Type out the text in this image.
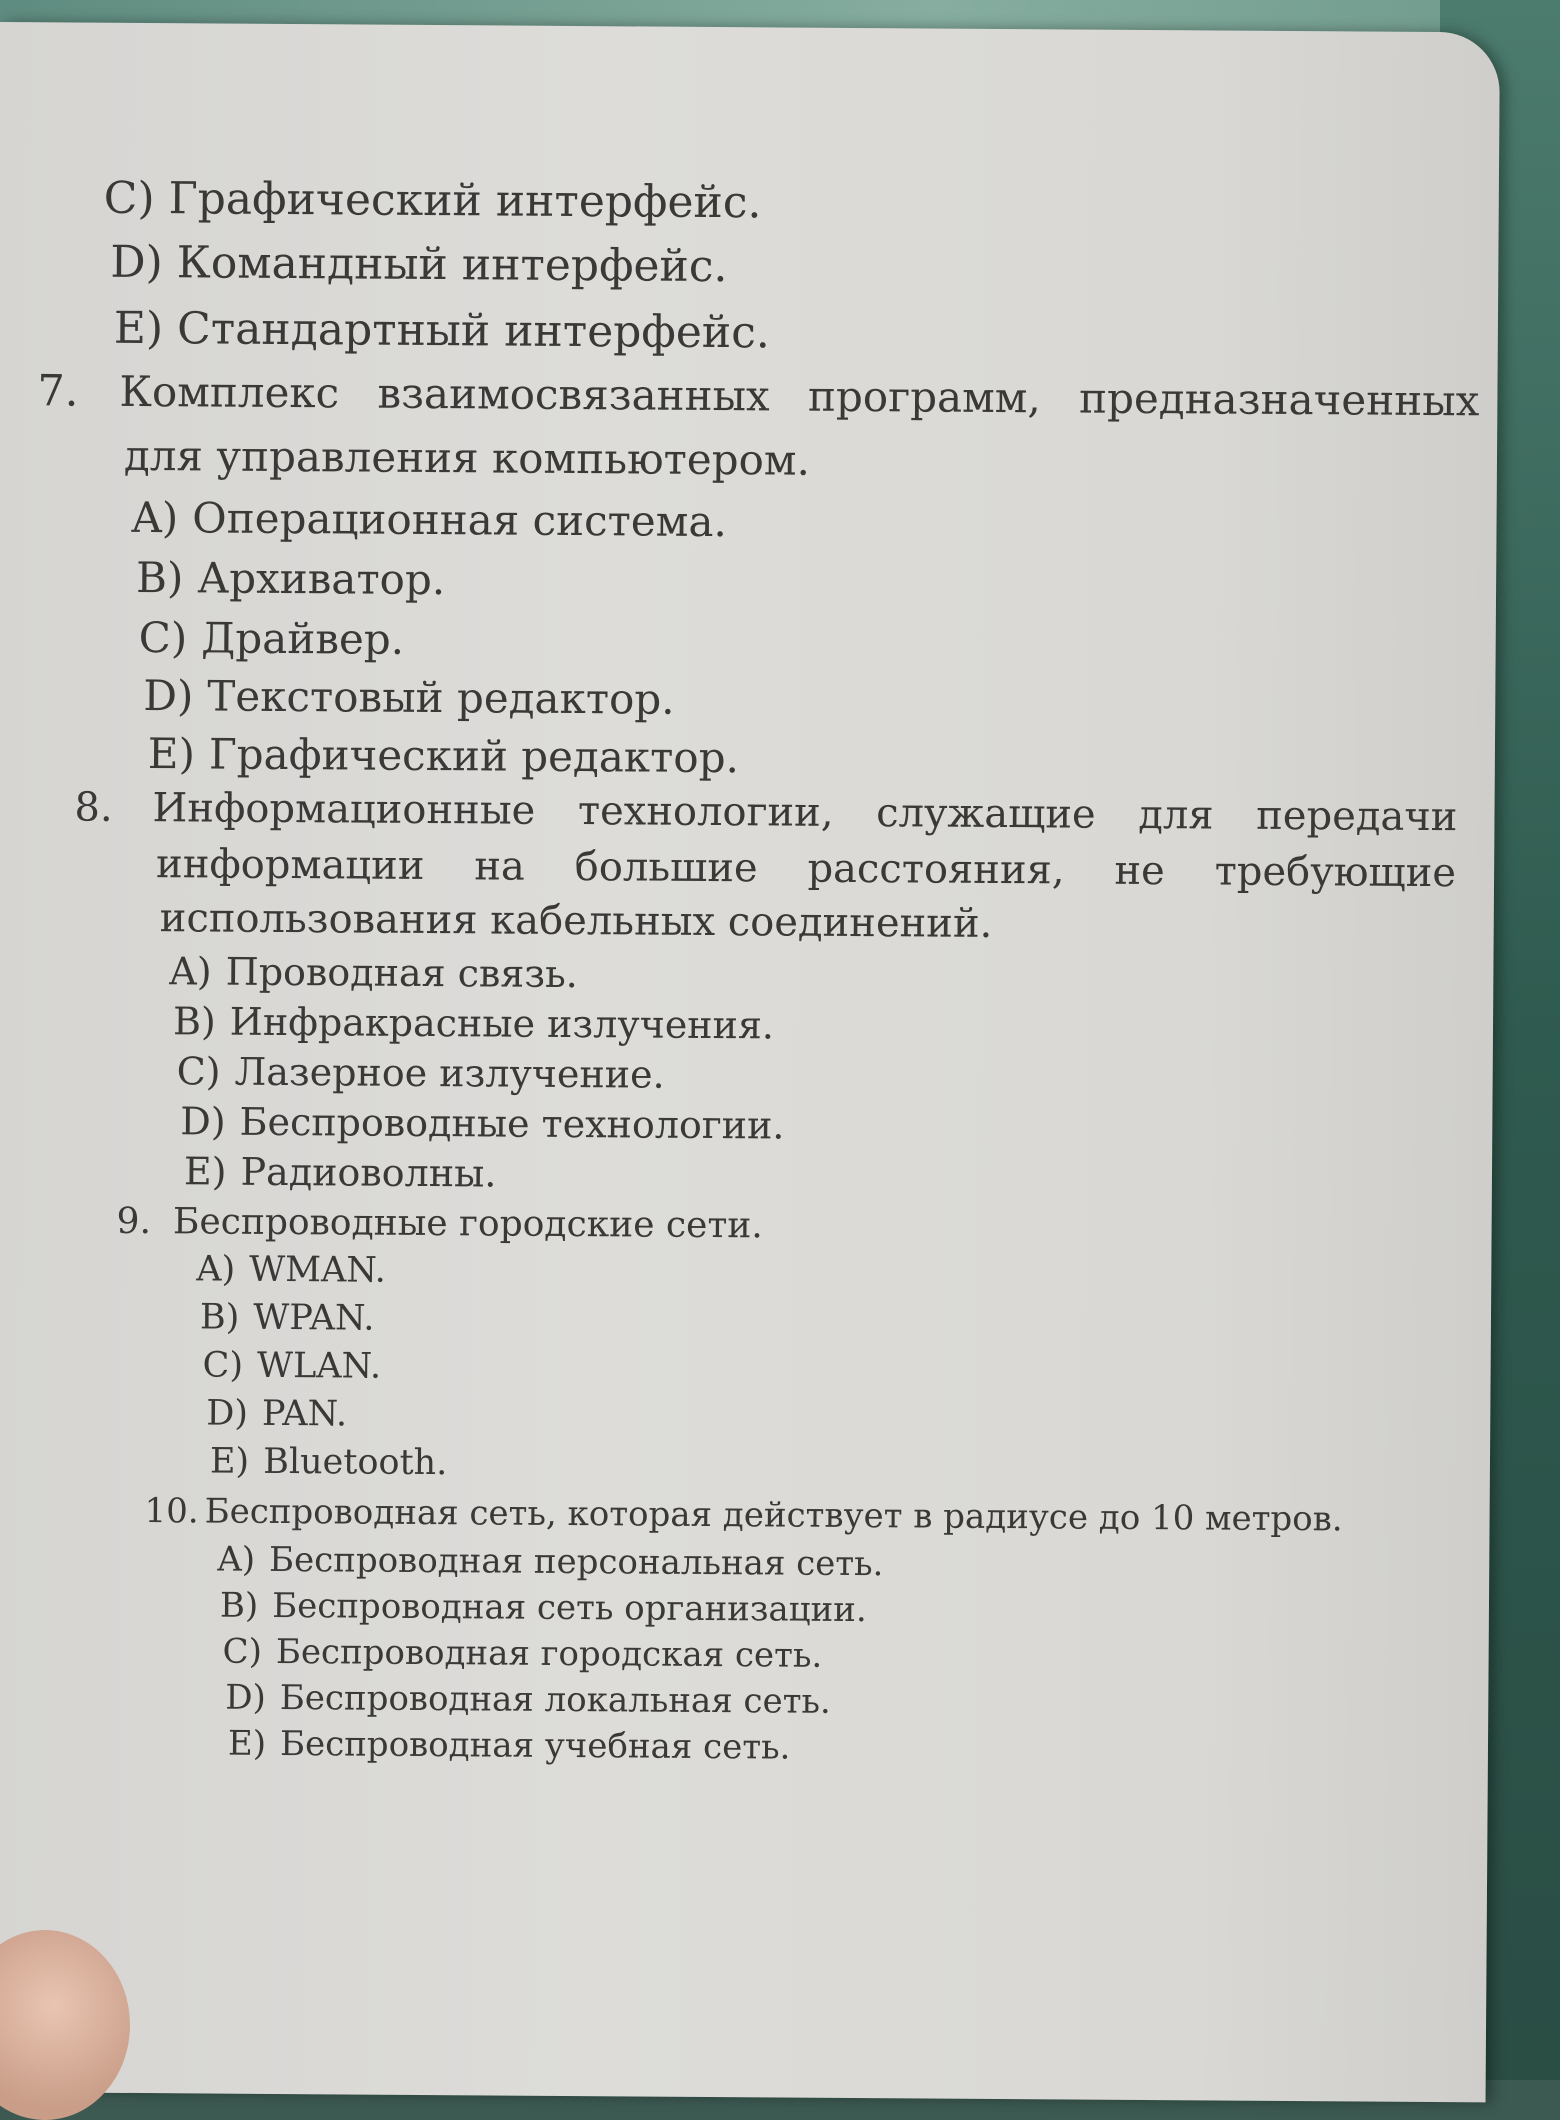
C) Графический интерфейс.
D) Командный интерфейс.
E) Стандартный интерфейс.
7. Комплекс взаимосвязанных программ, предназначенных
для управления компьютером.
A) Операционная система.
B) Архиватор.
C) Драйвер.
D) Текстовый редактор.
E) Графический редактор.
8. Информационные технологии, служащие для передачи
информации на большие расстояния, не требующие
использования кабельных соединений.
A) Проводная связь.
B) Инфракрасные излучения.
C) Лазерное излучение.
D) Беспроводные технологии.
E) Радиоволны.
9. Беспроводные городские сети.
A) WMAN.
B) WPAN.
C) WLAN.
D) PAN.
E) Bluetooth.
10. Беспроводная сеть, которая действует в радиусе до 10 метров.
A) Беспроводная персональная сеть.
B) Беспроводная сеть организации.
C) Беспроводная городская сеть.
D) Беспроводная локальная сеть.
E) Беспроводная учебная сеть.
